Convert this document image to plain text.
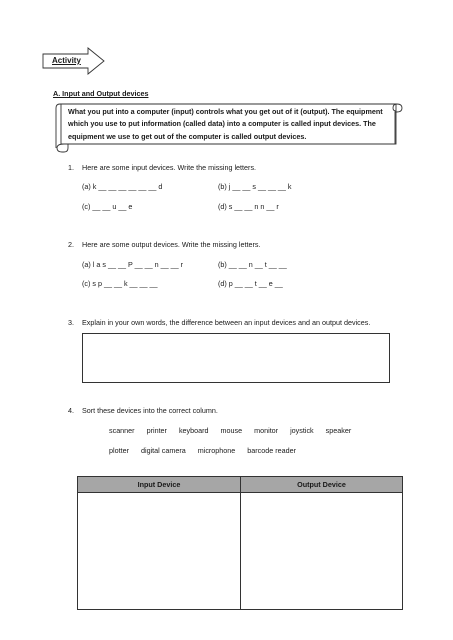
Activity
A. Input and Output devices
What you put into a computer (input) controls what you get out of it (output). The equipment which you use to put information (called data) into a computer is called input devices. The equipment we use to get out of the computer is called output devices.
1. Here are some input devices. Write the missing letters.
(a) k __ __ __ __ __ __ d	(b) j __ __ s __ __ __ k
(c) __ __ u __ e	(d) s __ __ n n __ r
2. Here are some output devices. Write the missing letters.
(a) l a s __ __ P __ __ n __ __ r	(b) __ __ n __ t __ __
(c) s p __ __ k __ __ __	(d) p __ __ t __ e __
3. Explain in your own words, the difference between an input devices and an output devices.
4. Sort these devices into the correct column.
scanner printer keyboard mouse monitor joystick speaker
plotter digital camera microphone barcode reader
Input Device	Output Device
